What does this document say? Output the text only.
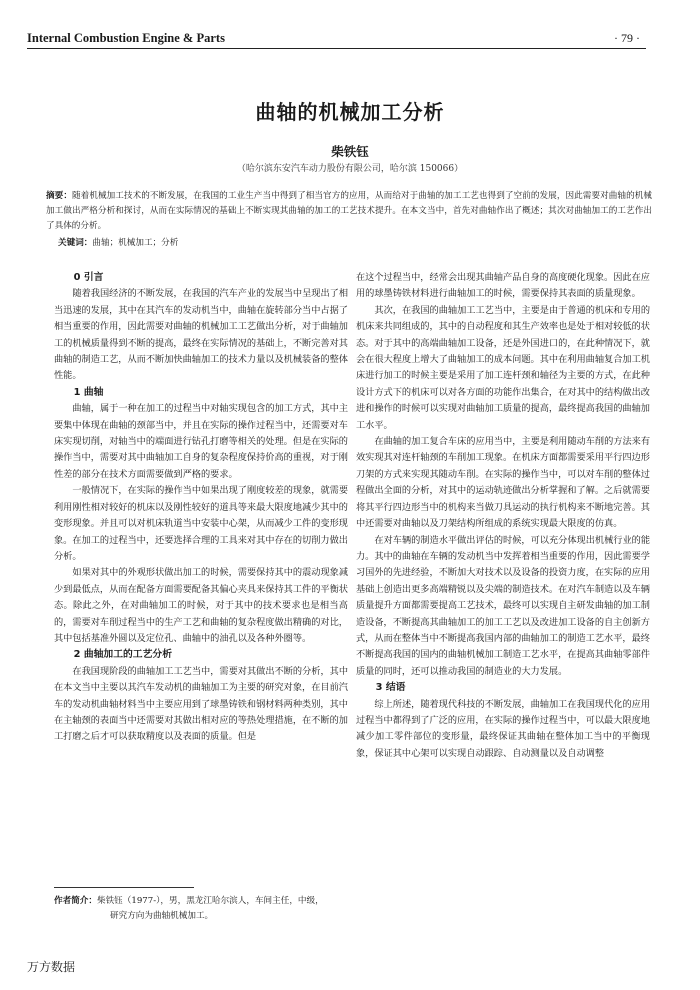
Internal Combustion Engine & Parts	· 79 ·
曲轴的机械加工分析
柴铁钰
（哈尔滨东安汽车动力股份有限公司，哈尔滨 150066）
摘要：随着机械加工技术的不断发展，在我国的工业生产当中得到了相当官方的应用，从而给对于曲轴的加工工艺也得到了空前的发展，因此需要对曲轴的机械加工做出严格分析和探讨，从而在实际情况的基础上不断实现其曲轴的加工的工艺技术提升。在本文当中，首先对曲轴作出了概述；其次对曲轴加工的工艺作出了具体的分析。
关键词：曲轴；机械加工；分析
0 引言

随着我国经济的不断发展，在我国的汽车产业的发展当中呈现出了相当迅速的发展，其中在其汽车的发动机当中，曲轴在旋转部分当中占据了相当重要的作用，因此需要对曲轴的机械加工工艺做出分析，对于曲轴加工的机械质量得到不断的提高，最终在实际情况的基础上，不断完善对其曲轴的制造工艺，从而不断加快曲轴加工的技术力量以及机械装备的整体性能。

1 曲轴

曲轴，属于一种在加工的过程当中对轴实现包含的加工方式，其中主要集中体现在曲轴的颈部当中，并且在实际的操作过程当中，还需要对车床实现切削，对轴当中的端面进行钻孔打磨等相关的处理。但是在实际的操作当中，需要对其中曲轴加工自身的复杂程度保持价高的重视，对于刚性差的部分在技术方面需要做到严格的要求。

一般情况下，在实际的操作当中如果出现了刚度较差的现象，就需要利用刚性相对较好的机床以及刚性较好的道具等来最大限度地减少其中的变形现象。并且可以对机床轨道当中安装中心架，从而减少工件的变形现象。在加工的过程当中，还要选择合理的工具来对其中存在的切削力做出分析。

如果对其中的外观形状做出加工的时候，需要保持其中的震动现象减少到最低点，从而在配备方面需要配备其偏心夹具来保持其工件的平衡状态。除此之外，在对曲轴加工的时候，对于其中的技术要求也是相当高的，需要对车削过程当中的生产工艺和曲轴的复杂程度做出精确的对比，其中包括基准外圆以及定位孔、曲轴中的油孔以及各种外圈等。

2 曲轴加工的工艺分析

在我国现阶段的曲轴加工工艺当中，需要对其做出不断的分析，其中在本文当中主要以其汽车发动机的曲轴加工为主要的研究对象，在目前汽车的发动机曲轴材料当中主要应用到了球墨铸铁和钢材料两种类别，其中在主轴颈的表面当中还需要对其做出相对应的等热处理措施，在不断的加工打磨之后才可以获取精度以及表面的质量。但是

在这个过程当中，经常会出现其曲轴产品自身的高度硬化现象。因此在应用的球墨铸铁材料进行曲轴加工的时候，需要保持其表面的质量现象。

其次，在我国的曲轴加工工艺当中，主要是由于普通的机床和专用的机床来共同组成的，其中的自动程度和其生产效率也是处于相对较低的状态。对于其中的高端曲轴加工设备，还是外国进口的，在此种情况下，就会在很大程度上增大了曲轴加工的成本问题。其中在利用曲轴复合加工机床进行加工的时候主要是采用了加工连杆颈和轴径为主要的方式，在此种设计方式下的机床可以对各方面的功能作出集合，在对其中的结构做出改进和操作的时候可以实现对曲轴加工质量的提高，最终提高我国的曲轴加工水平。

在曲轴的加工复合车床的应用当中，主要是利用随动车削的方法来有效实现其对连杆轴颈的车削加工现象。在机床方面都需要采用平行四边形刀架的方式来实现其随动车削。在实际的操作当中，可以对车削的整体过程做出全面的分析，对其中的运动轨迹做出分析掌握和了解。之后就需要将其平行四边形当中的机构来当做刀具运动的执行机构来不断地完善。其中还需要对曲轴以及刀架结构所组成的系统实现最大限度的仿真。

在对车辆的制造水平做出评估的时候，可以充分体现出机械行业的能力。其中的曲轴在车辆的发动机当中发挥着相当重要的作用，因此需要学习国外的先进经验，不断加大对技术以及设备的投资力度，在实际的应用基础上创造出更多高端精锐以及尖端的制造技术。在对汽车制造以及车辆质量提升方面都需要提高工艺技术，最终可以实现自主研发曲轴的加工制造设备，不断提高其曲轴加工的加工工艺以及改进加工设备的自主创新方式，从而在整体当中不断提高我国内部的曲轴加工的制造工艺水平，最终不断提高我国的国内的曲轴机械加工制造工艺水平，在提高其曲轴零部件质量的同时，还可以推动我国的制造业的大力发展。

3 结语

综上所述，随着现代科技的不断发展，曲轴加工在我国现代化的应用过程当中都得到了广泛的应用，在实际的操作过程当中，可以最大限度地减少加工零件部位的变形量，最终保证其曲轴在整体加工当中的平衡现象，保证其中心架可以实现自动跟踪、自动测量以及自动调整

作者简介：柴铁钰（1977-），男，黑龙江哈尔滨人，车间主任，中级，
研究方向为曲轴机械加工。
万方数据
